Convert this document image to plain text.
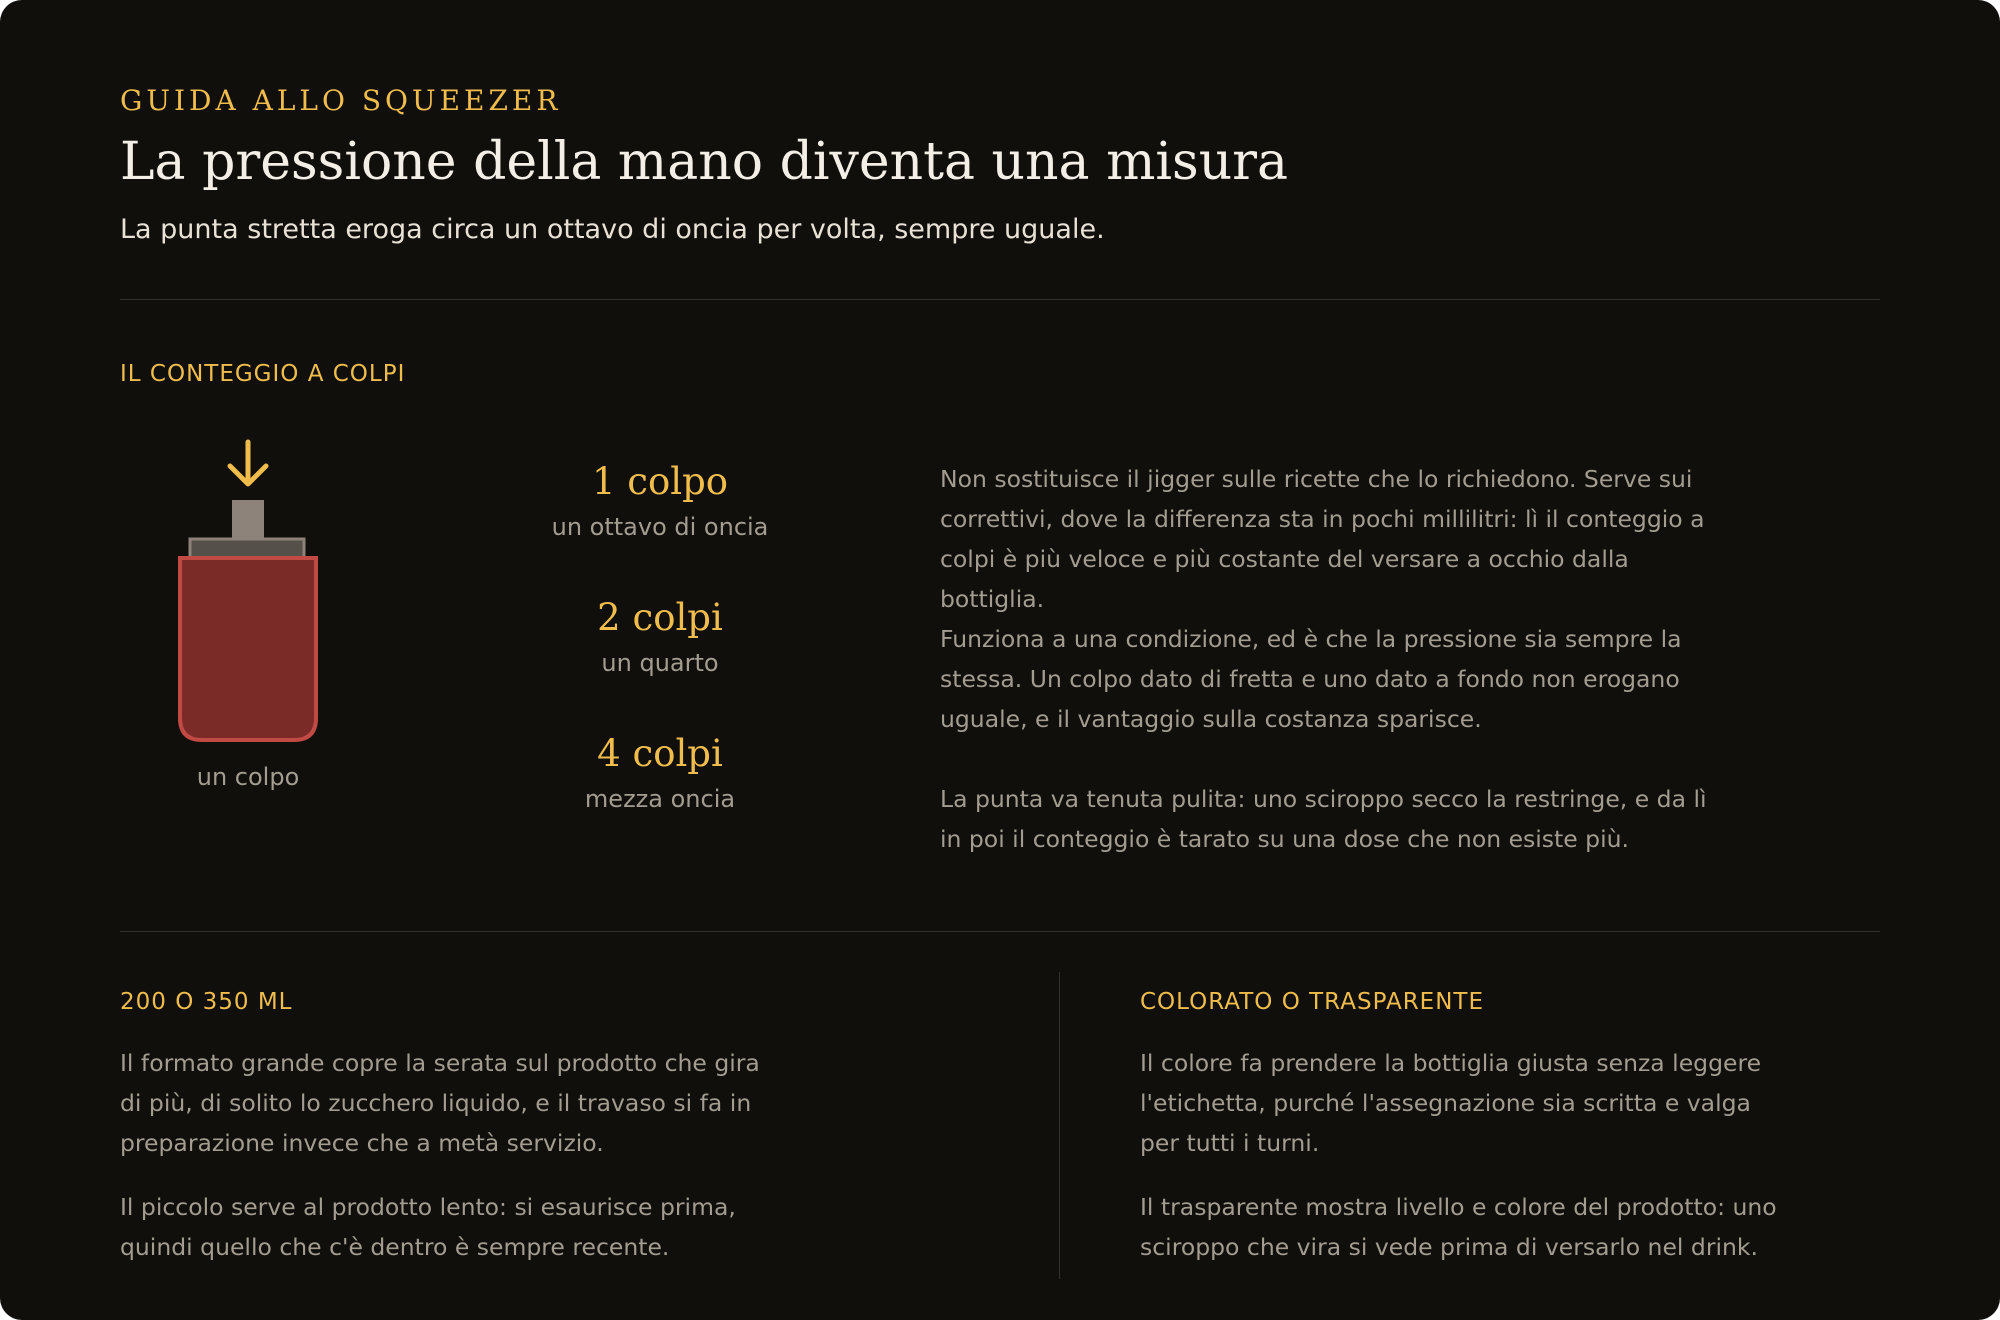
GUIDA ALLO SQUEEZER
La pressione della mano diventa una misura
La punta stretta eroga circa un ottavo di oncia per volta, sempre uguale.
IL CONTEGGIO A COLPI
un colpo
1 colpo
un ottavo di oncia
2 colpi
un quarto
4 colpi
mezza oncia

Non sostituisce il jigger sulle ricette che lo richiedono. Serve sui correttivi, dove la differenza sta in pochi millilitri: lì il conteggio a colpi è più veloce e più costante del versare a occhio dalla bottiglia.

Funziona a una condizione, ed è che la pressione sia sempre la stessa. Un colpo dato di fretta e uno dato a fondo non erogano uguale, e il vantaggio sulla costanza sparisce.

La punta va tenuta pulita: uno sciroppo secco la restringe, e da lì in poi il conteggio è tarato su una dose che non esiste più.

200 O 350 ML

Il formato grande copre la serata sul prodotto che gira di più, di solito lo zucchero liquido, e il travaso si fa in preparazione invece che a metà servizio.

Il piccolo serve al prodotto lento: si esaurisce prima, quindi quello che c'è dentro è sempre recente.

COLORATO O TRASPARENTE

Il colore fa prendere la bottiglia giusta senza leggere l'etichetta, purché l'assegnazione sia scritta e valga per tutti i turni.

Il trasparente mostra livello e colore del prodotto: uno sciroppo che vira si vede prima di versarlo nel drink.
